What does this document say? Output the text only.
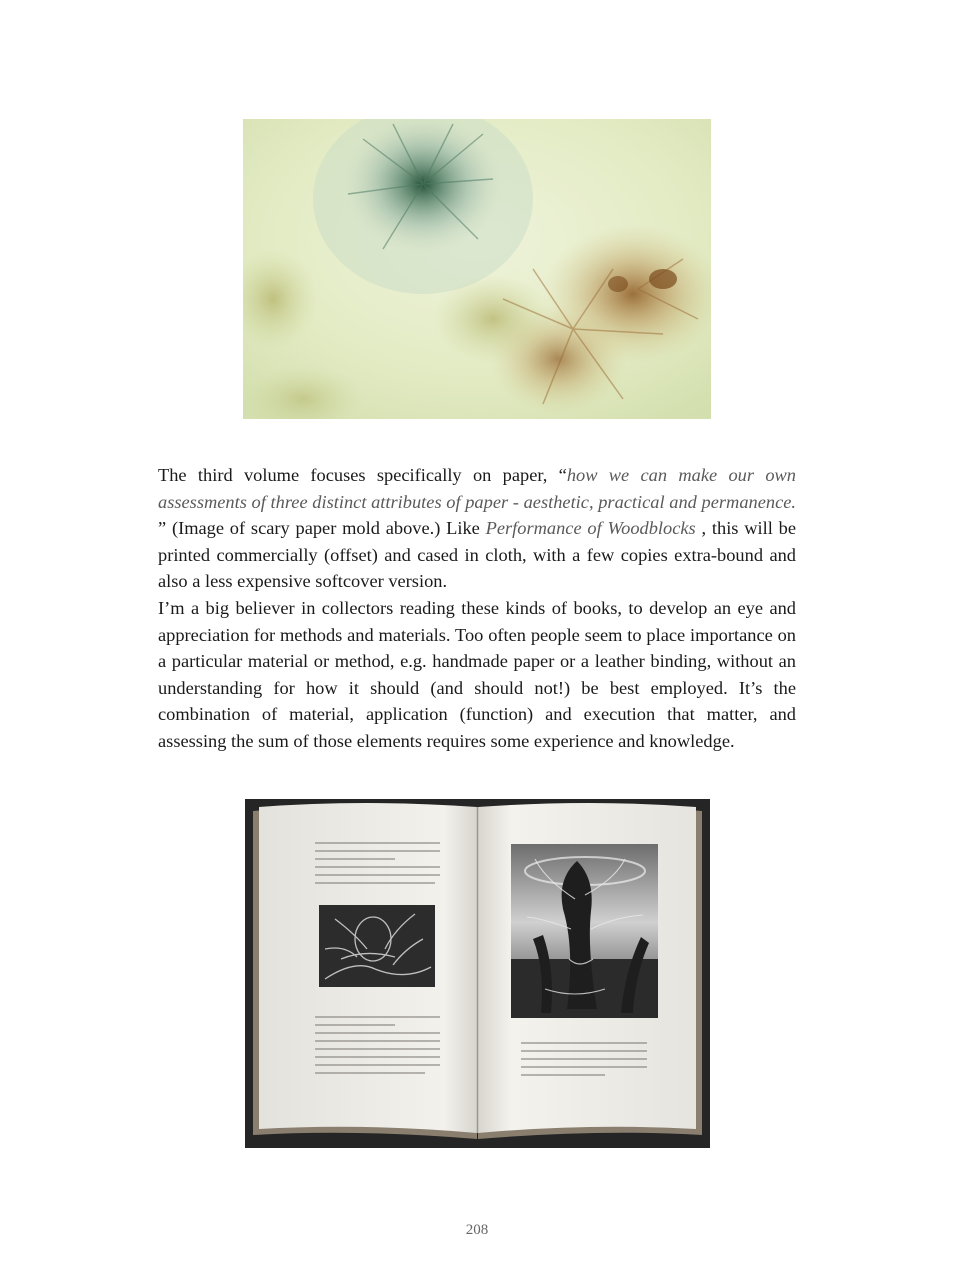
The third volume focuses specifically on paper, “how we can make our own assessments of three distinct attributes of paper - aesthetic, practical and permanence. ” (Image of scary paper mold above.) Like Performance of Woodblocks , this will be printed commercially (offset) and cased in cloth, with a few copies extra-bound and also a less expensive softcover version.

I’m a big believer in collectors reading these kinds of books, to develop an eye and appreciation for methods and materials. Too often people seem to place importance on a particular material or method, e.g. handmade paper or a leather binding, without an understanding for how it should (and should not!) be best employed. It’s the combination of material, application (function) and execution that matter, and assessing the sum of those elements requires some experience and knowledge.

208
